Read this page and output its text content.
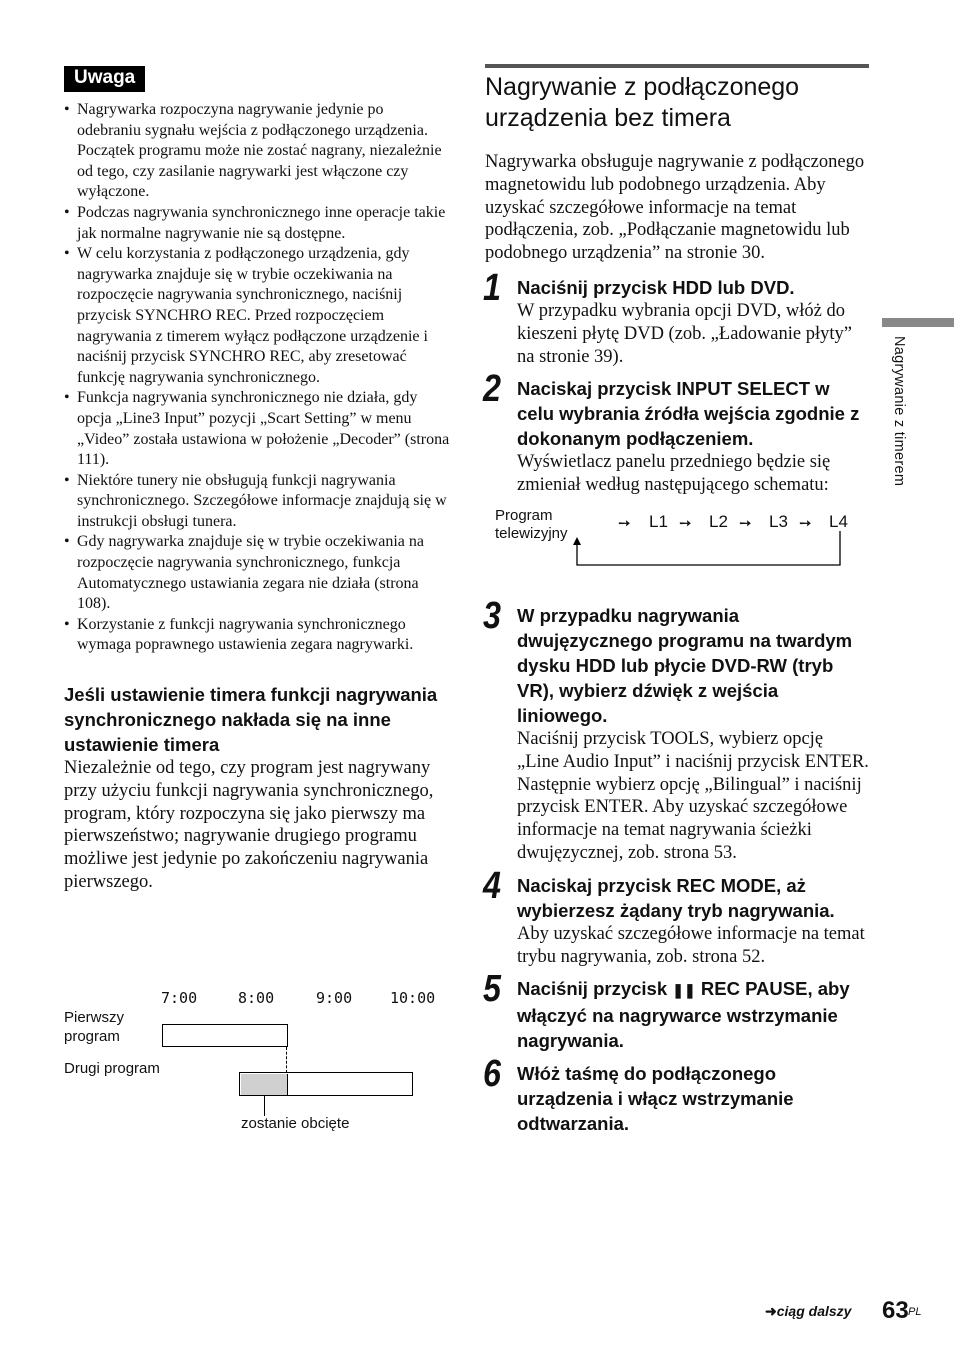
Uwaga
• Nagrywarka rozpoczyna nagrywanie jedynie po odebraniu sygnału wejścia z podłączonego urządzenia. Początek programu może nie zostać nagrany, niezależnie od tego, czy zasilanie nagrywarki jest włączone czy wyłączone.
• Podczas nagrywania synchronicznego inne operacje takie jak normalne nagrywanie nie są dostępne.
• W celu korzystania z podłączonego urządzenia, gdy nagrywarka znajduje się w trybie oczekiwania na rozpoczęcie nagrywania synchronicznego, naciśnij przycisk SYNCHRO REC. Przed rozpoczęciem nagrywania z timerem wyłącz podłączone urządzenie i naciśnij przycisk SYNCHRO REC, aby zresetować funkcję nagrywania synchronicznego.
• Funkcja nagrywania synchronicznego nie działa, gdy opcja „Line3 Input” pozycji „Scart Setting” w menu „Video” została ustawiona w położenie „Decoder” (strona 111).
• Niektóre tunery nie obsługują funkcji nagrywania synchronicznego. Szczegółowe informacje znajdują się w instrukcji obsługi tunera.
• Gdy nagrywarka znajduje się w trybie oczekiwania na rozpoczęcie nagrywania synchronicznego, funkcja Automatycznego ustawiania zegara nie działa (strona 108).
• Korzystanie z funkcji nagrywania synchronicznego wymaga poprawnego ustawienia zegara nagrywarki.
Jeśli ustawienie timera funkcji nagrywania synchronicznego nakłada się na inne ustawienie timera
Niezależnie od tego, czy program jest nagrywany przy użyciu funkcji nagrywania synchronicznego, program, który rozpoczyna się jako pierwszy ma pierwszeństwo; nagrywanie drugiego programu możliwe jest jedynie po zakończeniu nagrywania pierwszego.
7:00	8:00	9:00	10:00
Pierwszy program
Drugi program
zostanie obcięte
Nagrywanie z podłączonego urządzenia bez timera
Nagrywarka obsługuje nagrywanie z podłączonego magnetowidu lub podobnego urządzenia. Aby uzyskać szczegółowe informacje na temat podłączenia, zob. „Podłączanie magnetowidu lub podobnego urządzenia” na stronie 30.
1 Naciśnij przycisk HDD lub DVD.
W przypadku wybrania opcji DVD, włóż do kieszeni płytę DVD (zob. „Ładowanie płyty” na stronie 39).
2 Naciskaj przycisk INPUT SELECT w celu wybrania źródła wejścia zgodnie z dokonanym podłączeniem.
Wyświetlacz panelu przedniego będzie się zmieniał według następującego schematu:
Program telewizyjny
➙ L1 ➙ L2 ➙ L3 ➙ L4
3 W przypadku nagrywania dwujęzycznego programu na twardym dysku HDD lub płycie DVD-RW (tryb VR), wybierz dźwięk z wejścia liniowego.
Naciśnij przycisk TOOLS, wybierz opcję „Line Audio Input” i naciśnij przycisk ENTER. Następnie wybierz opcję „Bilingual” i naciśnij przycisk ENTER. Aby uzyskać szczegółowe informacje na temat nagrywania ścieżki dwujęzycznej, zob. strona 53.
4 Naciskaj przycisk REC MODE, aż wybierzesz żądany tryb nagrywania.
Aby uzyskać szczegółowe informacje na temat trybu nagrywania, zob. strona 52.
5 Naciśnij przycisk ❚❚ REC PAUSE, aby włączyć na nagrywarce wstrzymanie nagrywania.
6 Włóż taśmę do podłączonego urządzenia i włącz wstrzymanie odtwarzania.
Nagrywanie z timerem
➜ciąg dalszy 63 PL
